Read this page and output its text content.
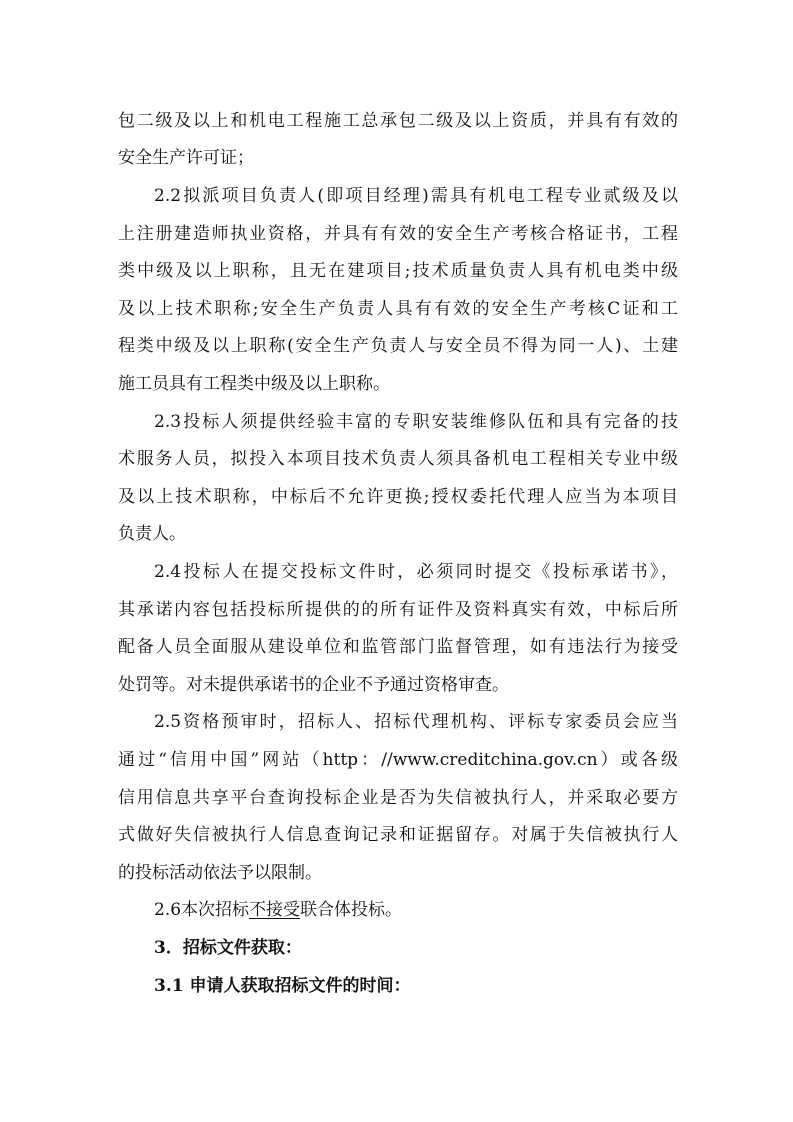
包二级及以上和机电工程施工总承包二级及以上资质，并具有有效的
安全生产许可证；
2.2拟派项目负责人(即项目经理)需具有机电工程专业贰级及以
上注册建造师执业资格，并具有有效的安全生产考核合格证书，工程
类中级及以上职称，且无在建项目;技术质量负责人具有机电类中级
及以上技术职称;安全生产负责人具有有效的安全生产考核C证和工
程类中级及以上职称(安全生产负责人与安全员不得为同一人)、土建
施工员具有工程类中级及以上职称。
2.3投标人须提供经验丰富的专职安装维修队伍和具有完备的技
术服务人员，拟投入本项目技术负责人须具备机电工程相关专业中级
及以上技术职称，中标后不允许更换;授权委托代理人应当为本项目
负责人。
2.4投标人在提交投标文件时，必须同时提交《投标承诺书》，
其承诺内容包括投标所提供的的所有证件及资料真实有效，中标后所
配备人员全面服从建设单位和监管部门监督管理，如有违法行为接受
处罚等。对未提供承诺书的企业不予通过资格审查。
2.5资格预审时，招标人、招标代理机构、评标专家委员会应当
通过“信用中国”网站（http：//www.creditchina.gov.cn）或各级
信用信息共享平台查询投标企业是否为失信被执行人，并采取必要方
式做好失信被执行人信息查询记录和证据留存。对属于失信被执行人
的投标活动依法予以限制。
2.6本次招标不接受联合体投标。
3．招标文件获取：
3.1 申请人获取招标文件的时间：
